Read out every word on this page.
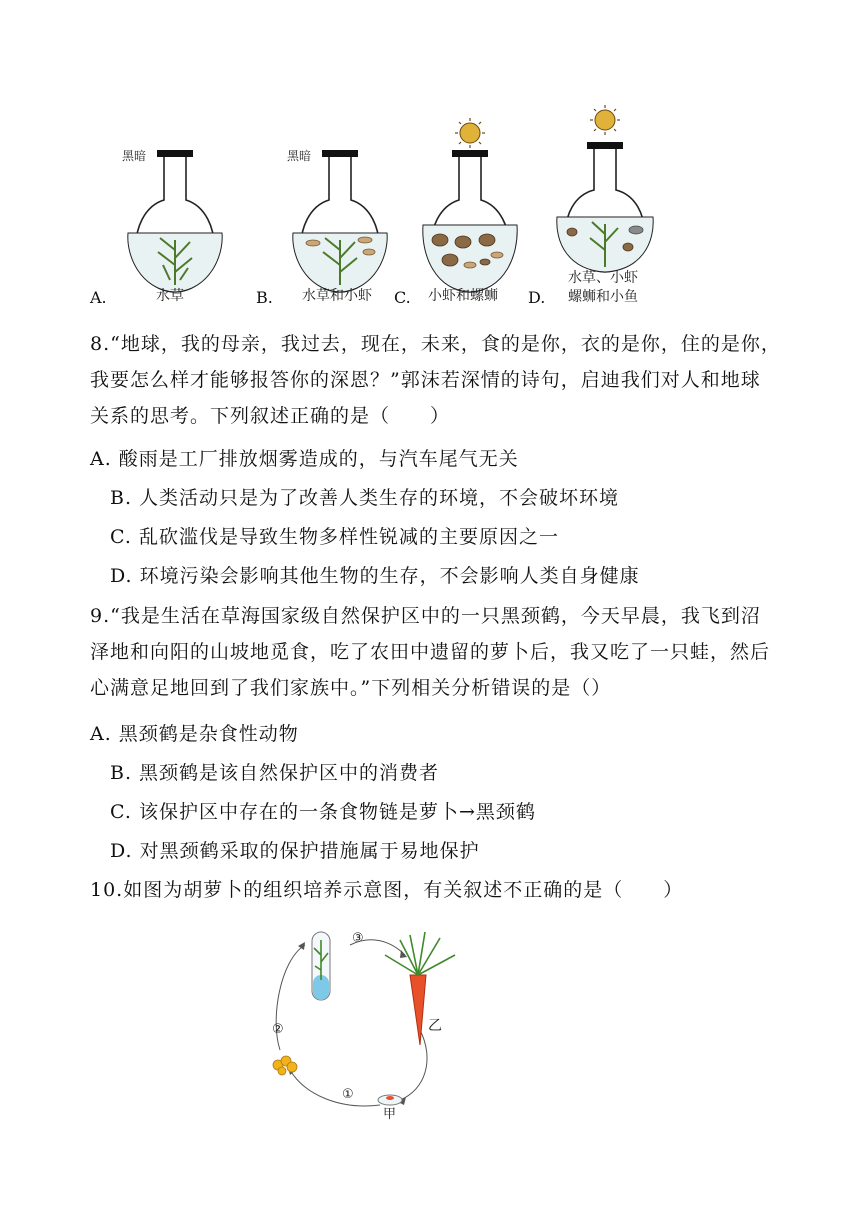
黑暗	黑暗
水草	水草和小虾	小虾和螺蛳
水草、小虾
螺蛳和小鱼
A.	B.	C.	D.
8.“地球，我的母亲，我过去，现在，未来，食的是你，衣的是你，住的是你，
我要怎么样才能够报答你的深恩？”郭沫若深情的诗句，启迪我们对人和地球
关系的思考。下列叙述正确的是（　　）
A. 酸雨是工厂排放烟雾造成的，与汽车尾气无关
B. 人类活动只是为了改善人类生存的环境，不会破坏环境
C. 乱砍滥伐是导致生物多样性锐减的主要原因之一
D. 环境污染会影响其他生物的生存，不会影响人类自身健康
9.“我是生活在草海国家级自然保护区中的一只黑颈鹤，今天早晨，我飞到沼
泽地和向阳的山坡地觅食，吃了农田中遗留的萝卜后，我又吃了一只蛙，然后
心满意足地回到了我们家族中。”下列相关分析错误的是（）
A. 黑颈鹤是杂食性动物
B. 黑颈鹤是该自然保护区中的消费者
C. 该保护区中存在的一条食物链是萝卜→黑颈鹤
D. 对黑颈鹤采取的保护措施属于易地保护
10.如图为胡萝卜的组织培养示意图，有关叙述不正确的是（　　）
③
②
①
甲
乙
